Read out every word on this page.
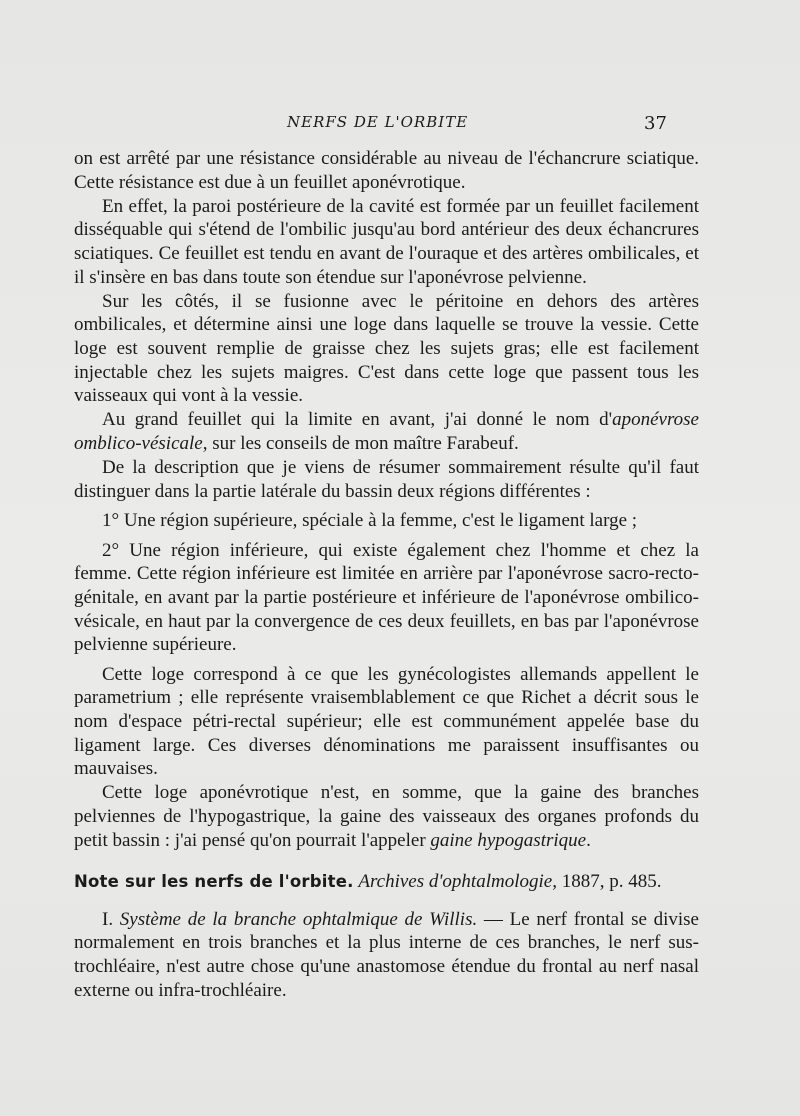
NERFS DE L'ORBITE	37

on est arrêté par une résistance considérable au niveau de l'échancrure sciatique. Cette résistance est due à un feuillet aponévrotique.

En effet, la paroi postérieure de la cavité est formée par un feuillet facilement disséquable qui s'étend de l'ombilic jusqu'au bord antérieur des deux échancrures sciatiques. Ce feuillet est tendu en avant de l'ouraque et des artères ombilicales, et il s'insère en bas dans toute son étendue sur l'aponévrose pelvienne.

Sur les côtés, il se fusionne avec le péritoine en dehors des artères ombilicales, et détermine ainsi une loge dans laquelle se trouve la vessie. Cette loge est souvent remplie de graisse chez les sujets gras; elle est facilement injectable chez les sujets maigres. C'est dans cette loge que passent tous les vaisseaux qui vont à la vessie.

Au grand feuillet qui la limite en avant, j'ai donné le nom d'aponévrose omblico-vésicale, sur les conseils de mon maître Farabeuf.

De la description que je viens de résumer sommairement résulte qu'il faut distinguer dans la partie latérale du bassin deux régions différentes :

1° Une région supérieure, spéciale à la femme, c'est le ligament large ;

2° Une région inférieure, qui existe également chez l'homme et chez la femme. Cette région inférieure est limitée en arrière par l'aponévrose sacro-recto-génitale, en avant par la partie postérieure et inférieure de l'aponévrose ombilico-vésicale, en haut par la convergence de ces deux feuillets, en bas par l'aponévrose pelvienne supérieure.

Cette loge correspond à ce que les gynécologistes allemands appellent le parametrium ; elle représente vraisemblablement ce que Richet a décrit sous le nom d'espace pétri-rectal supérieur; elle est communément appelée base du ligament large. Ces diverses dénominations me paraissent insuffisantes ou mauvaises.

Cette loge aponévrotique n'est, en somme, que la gaine des branches pelviennes de l'hypogastrique, la gaine des vaisseaux des organes profonds du petit bassin : j'ai pensé qu'on pourrait l'appeler gaine hypogastrique.

Note sur les nerfs de l'orbite. Archives d'ophtalmologie, 1887, p. 485.

I. Système de la branche ophtalmique de Willis. — Le nerf frontal se divise normalement en trois branches et la plus interne de ces branches, le nerf sus-trochléaire, n'est autre chose qu'une anastomose étendue du frontal au nerf nasal externe ou infra-trochléaire.
